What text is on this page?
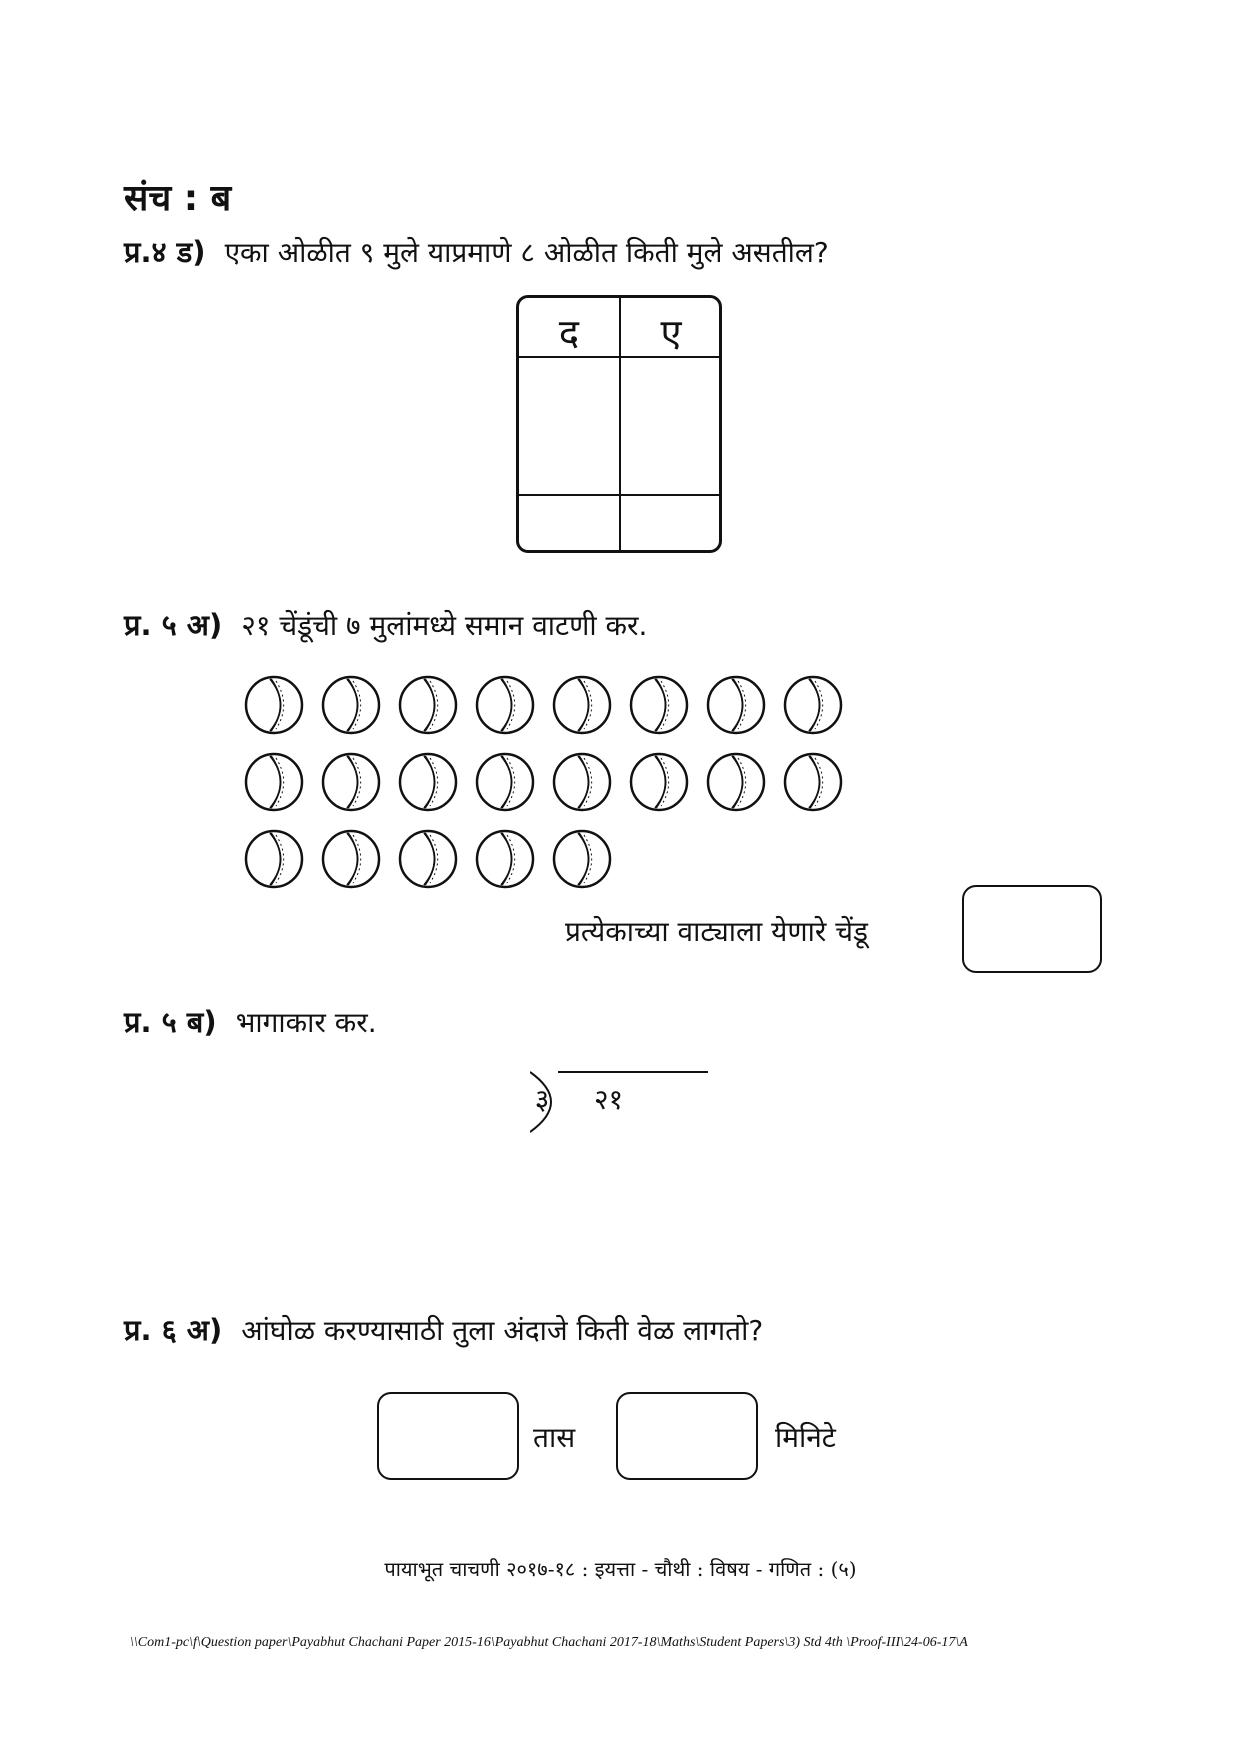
संच : ब
प्र.४ ड) एका ओळीत ९ मुले याप्रमाणे ८ ओळीत किती मुले असतील?
द	ए
प्र. ५ अ) २१ चेंडूंची ७ मुलांमध्ये समान वाटणी कर.
प्रत्येकाच्या वाट्याला येणारे चेंडू
प्र. ५ ब) भागाकार कर.
३ २१
प्र. ६ अ) आंघोळ करण्यासाठी तुला अंदाजे किती वेळ लागतो?
तास	मिनिटे
पायाभूत चाचणी २०१७-१८ : इयत्ता - चौथी : विषय - गणित : (५)
\\Com1-pc\f\Question paper\Payabhut Chachani Paper 2015-16\Payabhut Chachani 2017-18\Maths\Student Papers\3) Std 4th \Proof-III\24-06-17\A
